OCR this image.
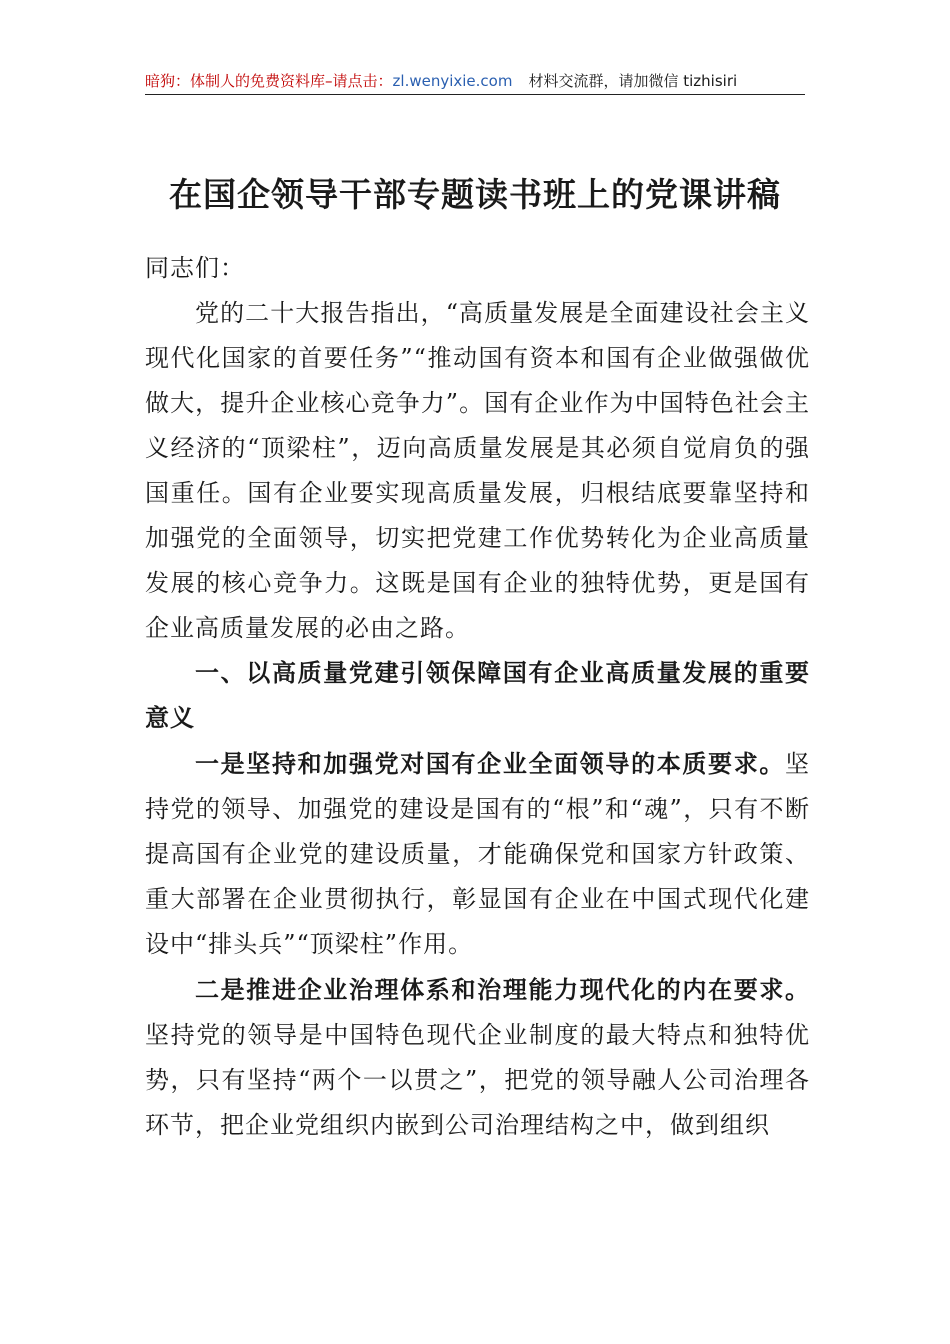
暗狗：体制人的免费资料库–请点击：zl.wenyixie.com 材料交流群，请加微信 tizhisiri
在国企领导干部专题读书班上的党课讲稿

同志们：

党的二十大报告指出，“高质量发展是全面建设社会主义现代化国家的首要任务”“推动国有资本和国有企业做强做优做大，提升企业核心竞争力”。国有企业作为中国特色社会主义经济的“顶梁柱”，迈向高质量发展是其必须自觉肩负的强国重任。国有企业要实现高质量发展，归根结底要靠坚持和加强党的全面领导，切实把党建工作优势转化为企业高质量发展的核心竞争力。这既是国有企业的独特优势，更是国有企业高质量发展的必由之路。

一、以高质量党建引领保障国有企业高质量发展的重要意义

一是坚持和加强党对国有企业全面领导的本质要求。坚持党的领导、加强党的建设是国有的“根”和“魂”，只有不断提高国有企业党的建设质量，才能确保党和国家方针政策、重大部署在企业贯彻执行，彰显国有企业在中国式现代化建设中“排头兵”“顶梁柱”作用。

二是推进企业治理体系和治理能力现代化的内在要求。坚持党的领导是中国特色现代企业制度的最大特点和独特优势，只有坚持“两个一以贯之”，把党的领导融人公司治理各环节，把企业党组织内嵌到公司治理结构之中，做到组织
